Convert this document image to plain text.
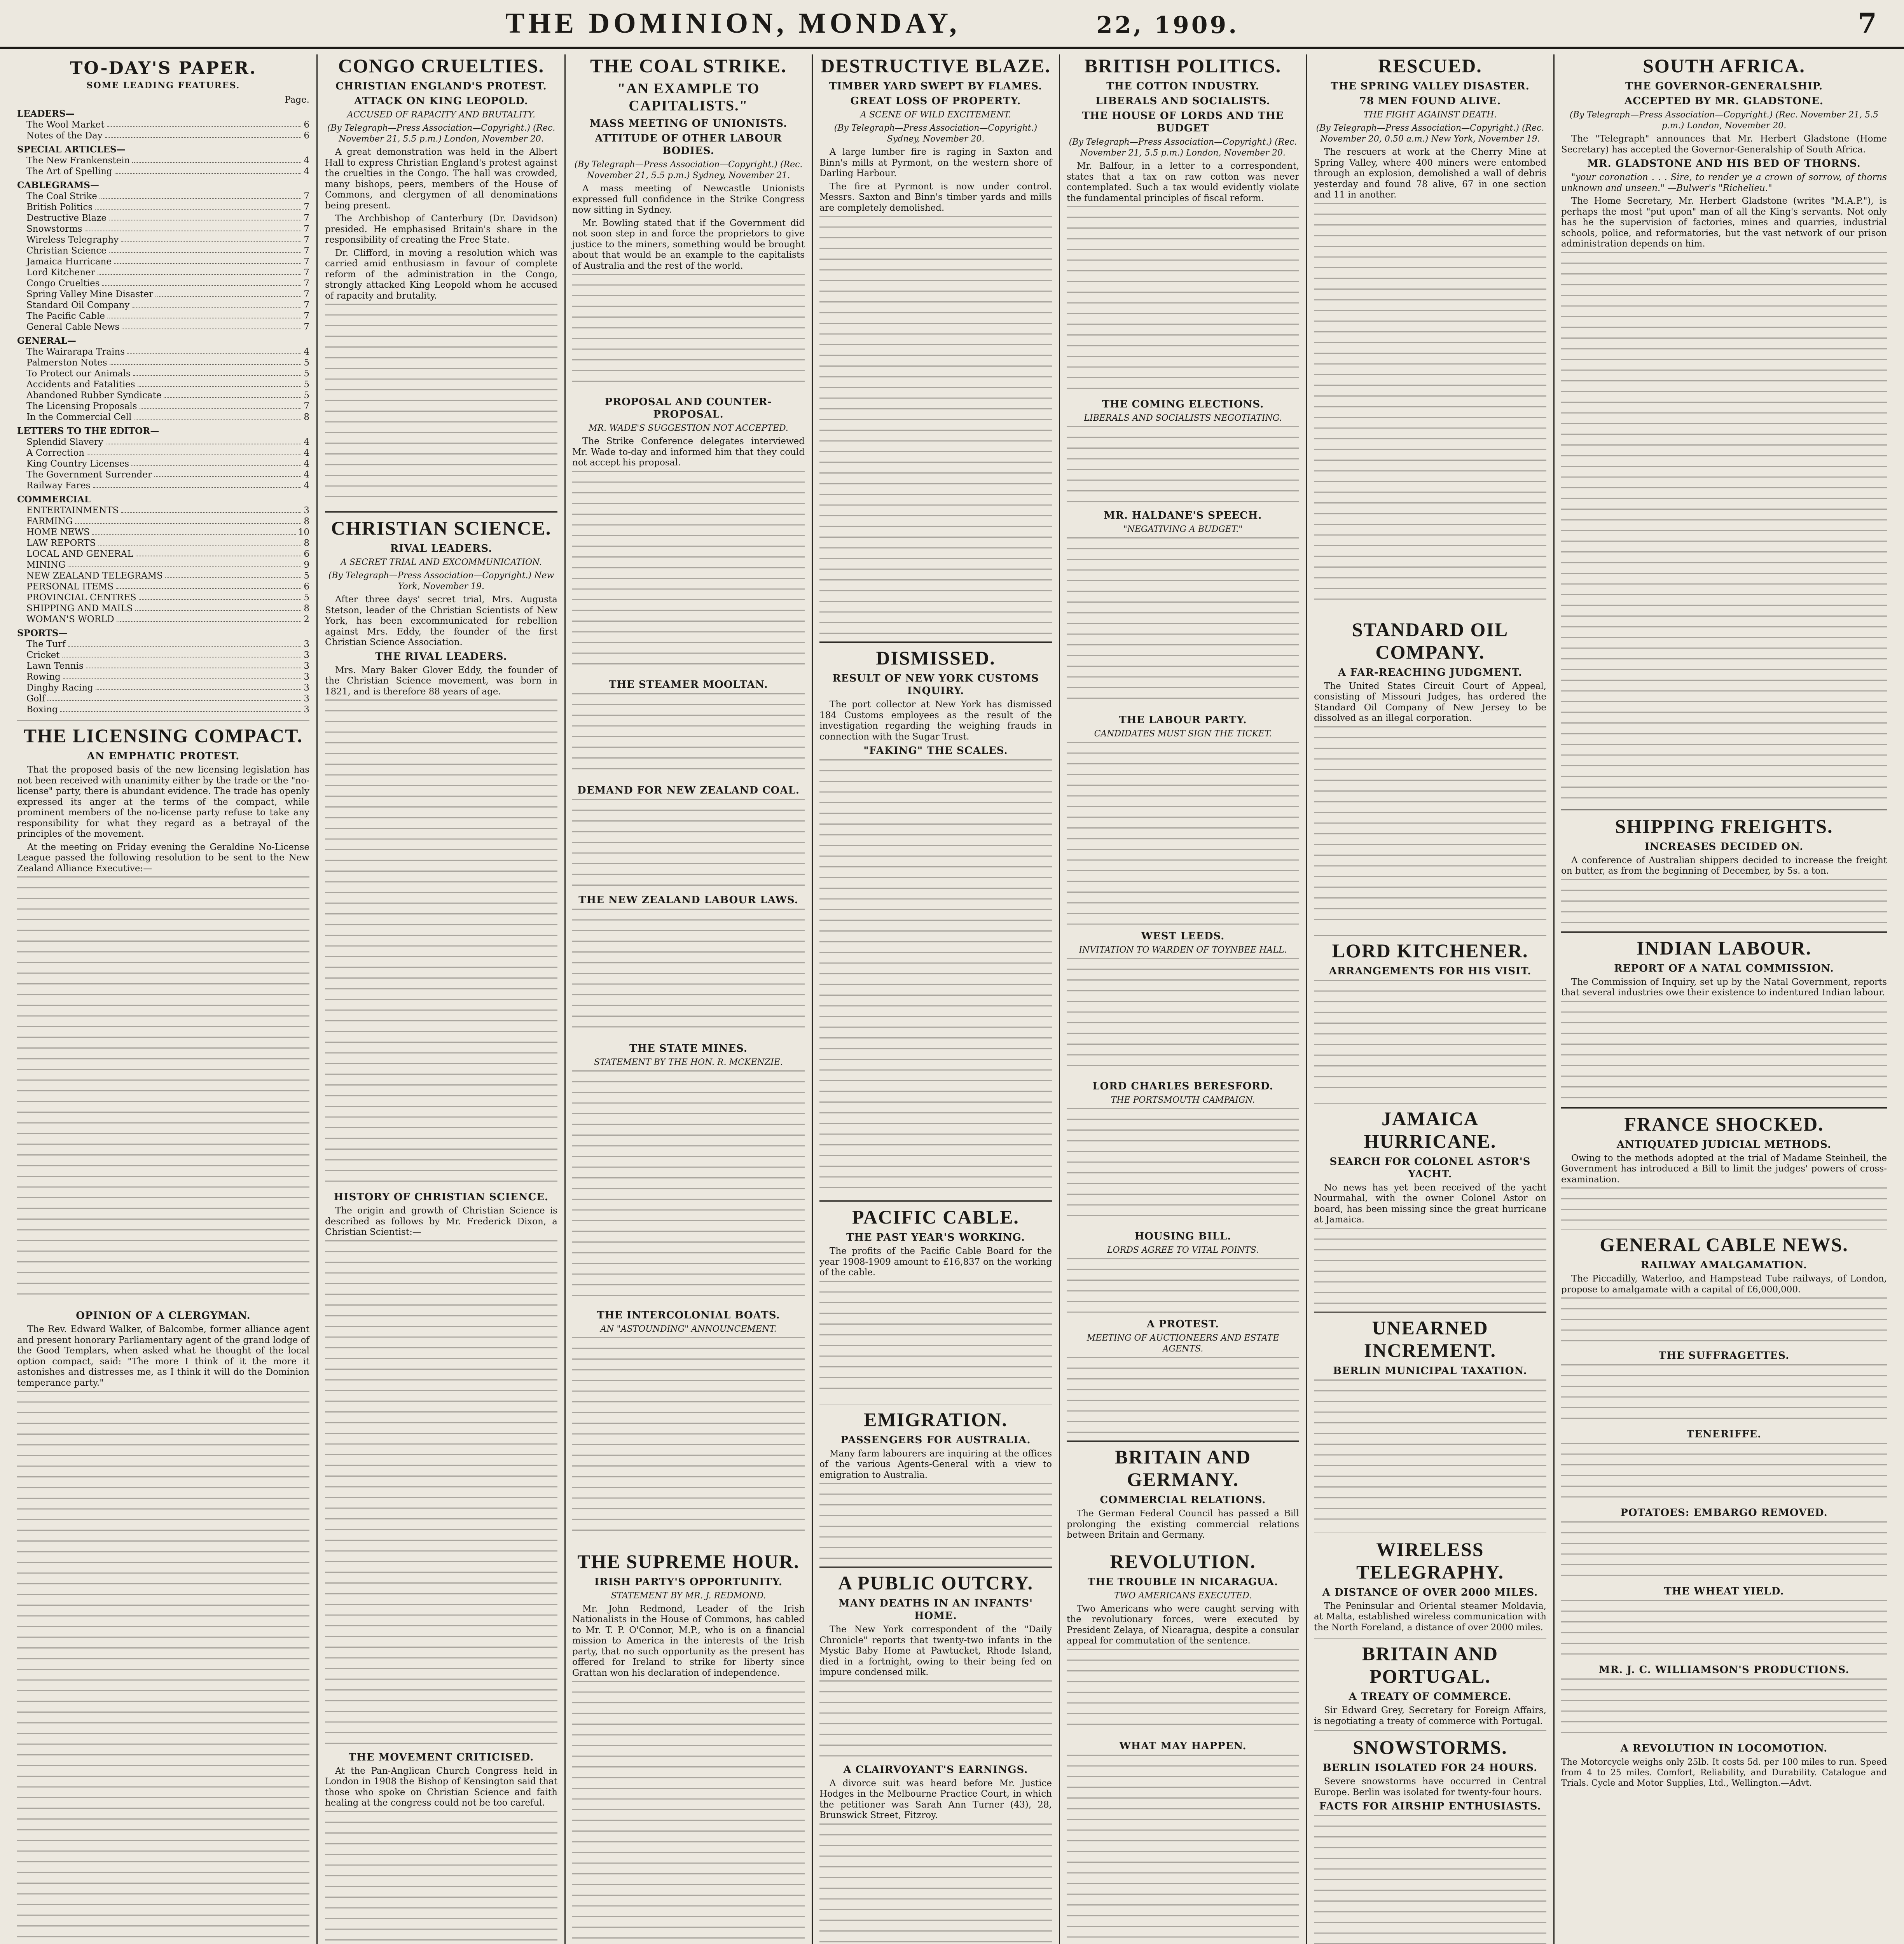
THE DOMINION, MONDAY,	22, 1909.	7
TO-DAY'S PAPER.
SOME LEADING FEATURES.
Page.
LEADERS—
The Wool Market	6
Notes of the Day	6
SPECIAL ARTICLES—
The New Frankenstein	4
The Art of Spelling	4
CABLEGRAMS—
The Coal Strike	7
British Politics	7
Destructive Blaze	7
Snowstorms	7
Wireless Telegraphy	7
Christian Science	7
Jamaica Hurricane	7
Lord Kitchener	7
Congo Cruelties	7
Spring Valley Mine Disaster	7
Standard Oil Company	7
The Pacific Cable	7
General Cable News	7
GENERAL—
The Wairarapa Trains	4
Palmerston Notes	5
To Protect our Animals	5
Accidents and Fatalities	5
Abandoned Rubber Syndicate	5
The Licensing Proposals	7
In the Commercial Cell	8
LETTERS TO THE EDITOR—
Splendid Slavery	4
A Correction	4
King Country Licenses	4
The Government Surrender	4
Railway Fares	4
COMMERCIAL
ENTERTAINMENTS	3
FARMING	8
HOME NEWS	10
LAW REPORTS	8
LOCAL AND GENERAL	6
MINING	9
NEW ZEALAND TELEGRAMS	5
PERSONAL ITEMS	6
PROVINCIAL CENTRES	5
SHIPPING AND MAILS	8
WOMAN'S WORLD	2
SPORTS—
The Turf	3
Cricket	3
Lawn Tennis	3
Rowing	3
Dinghy Racing	3
Golf	3
Boxing	3
THE LICENSING COMPACT.
AN EMPHATIC PROTEST.

That the proposed basis of the new licensing legislation has not been received with unanimity either by the trade or the "no-license" party, there is abundant evidence. The trade has openly expressed its anger at the terms of the compact, while prominent members of the no-license party refuse to take any responsibility for what they regard as a betrayal of the principles of the movement.

At the meeting on Friday evening the Geraldine No-License League passed the following resolution to be sent to the New Zealand Alliance Executive:—

OPINION OF A CLERGYMAN.

The Rev. Edward Walker, of Balcombe, former alliance agent and present honorary Parliamentary agent of the grand lodge of the Good Templars, when asked what he thought of the local option compact, said: "The more I think of it the more it astonishes and distresses me, as I think it will do the Dominion temperance party."

CONGO CRUELTIES.
CHRISTIAN ENGLAND'S PROTEST.
ATTACK ON KING LEOPOLD.
ACCUSED OF RAPACITY AND BRUTALITY.
(By Telegraph—Press Association—Copyright.) (Rec. November 21, 5.5 p.m.) London, November 20.

A great demonstration was held in the Albert Hall to express Christian England's protest against the cruelties in the Congo. The hall was crowded, many bishops, peers, members of the House of Commons, and clergymen of all denominations being present.

The Archbishop of Canterbury (Dr. Davidson) presided. He emphasised Britain's share in the responsibility of creating the Free State.

Dr. Clifford, in moving a resolution which was carried amid enthusiasm in favour of complete reform of the administration in the Congo, strongly attacked King Leopold whom he accused of rapacity and brutality.

CHRISTIAN SCIENCE.
RIVAL LEADERS.
A SECRET TRIAL AND EXCOMMUNICATION.
(By Telegraph—Press Association—Copyright.) New York, November 19.

After three days' secret trial, Mrs. Augusta Stetson, leader of the Christian Scientists of New York, has been excommunicated for rebellion against Mrs. Eddy, the founder of the first Christian Science Association.

THE RIVAL LEADERS.

Mrs. Mary Baker Glover Eddy, the founder of the Christian Science movement, was born in 1821, and is therefore 88 years of age.

HISTORY OF CHRISTIAN SCIENCE.

The origin and growth of Christian Science is described as follows by Mr. Frederick Dixon, a Christian Scientist:—

THE MOVEMENT CRITICISED.

At the Pan-Anglican Church Congress held in London in 1908 the Bishop of Kensington said that those who spoke on Christian Science and faith healing at the congress could not be too careful.

THE COAL STRIKE.
"AN EXAMPLE TO CAPITALISTS."
MASS MEETING OF UNIONISTS.
ATTITUDE OF OTHER LABOUR BODIES.
(By Telegraph—Press Association—Copyright.) (Rec. November 21, 5.5 p.m.) Sydney, November 21.

A mass meeting of Newcastle Unionists expressed full confidence in the Strike Congress now sitting in Sydney.

Mr. Bowling stated that if the Government did not soon step in and force the proprietors to give justice to the miners, something would be brought about that would be an example to the capitalists of Australia and the rest of the world.

PROPOSAL AND COUNTER-PROPOSAL.
MR. WADE'S SUGGESTION NOT ACCEPTED.

The Strike Conference delegates interviewed Mr. Wade to-day and informed him that they could not accept his proposal.

THE STEAMER MOOLTAN.
DEMAND FOR NEW ZEALAND COAL.
THE NEW ZEALAND LABOUR LAWS.
THE STATE MINES.
STATEMENT BY THE HON. R. MCKENZIE.
THE INTERCOLONIAL BOATS.
AN "ASTOUNDING" ANNOUNCEMENT.
THE SUPREME HOUR.
IRISH PARTY'S OPPORTUNITY.
STATEMENT BY MR. J. REDMOND.

Mr. John Redmond, Leader of the Irish Nationalists in the House of Commons, has cabled to Mr. T. P. O'Connor, M.P., who is on a financial mission to America in the interests of the Irish party, that no such opportunity as the present has offered for Ireland to strike for liberty since Grattan won his declaration of independence.

DESTRUCTIVE BLAZE.
TIMBER YARD SWEPT BY FLAMES.
GREAT LOSS OF PROPERTY.
A SCENE OF WILD EXCITEMENT.
(By Telegraph—Press Association—Copyright.) Sydney, November 20.

A large lumber fire is raging in Saxton and Binn's mills at Pyrmont, on the western shore of Darling Harbour.

The fire at Pyrmont is now under control. Messrs. Saxton and Binn's timber yards and mills are completely demolished.

DISMISSED.
RESULT OF NEW YORK CUSTOMS INQUIRY.

The port collector at New York has dismissed 184 Customs employees as the result of the investigation regarding the weighing frauds in connection with the Sugar Trust.

"FAKING" THE SCALES.
PACIFIC CABLE.
THE PAST YEAR'S WORKING.

The profits of the Pacific Cable Board for the year 1908-1909 amount to £16,837 on the working of the cable.

EMIGRATION.
PASSENGERS FOR AUSTRALIA.

Many farm labourers are inquiring at the offices of the various Agents-General with a view to emigration to Australia.

A PUBLIC OUTCRY.
MANY DEATHS IN AN INFANTS' HOME.

The New York correspondent of the "Daily Chronicle" reports that twenty-two infants in the Mystic Baby Home at Pawtucket, Rhode Island, died in a fortnight, owing to their being fed on impure condensed milk.

A CLAIRVOYANT'S EARNINGS.

A divorce suit was heard before Mr. Justice Hodges in the Melbourne Practice Court, in which the petitioner was Sarah Ann Turner (43), 28, Brunswick Street, Fitzroy.

BRITISH POLITICS.
THE COTTON INDUSTRY.
LIBERALS AND SOCIALISTS.
THE HOUSE OF LORDS AND THE BUDGET
(By Telegraph—Press Association—Copyright.) (Rec. November 21, 5.5 p.m.) London, November 20.

Mr. Balfour, in a letter to a correspondent, states that a tax on raw cotton was never contemplated. Such a tax would evidently violate the fundamental principles of fiscal reform.

THE COMING ELECTIONS.
LIBERALS AND SOCIALISTS NEGOTIATING.
MR. HALDANE'S SPEECH.
"NEGATIVING A BUDGET."
THE LABOUR PARTY.
CANDIDATES MUST SIGN THE TICKET.
WEST LEEDS.
INVITATION TO WARDEN OF TOYNBEE HALL.
LORD CHARLES BERESFORD.
THE PORTSMOUTH CAMPAIGN.
HOUSING BILL.
LORDS AGREE TO VITAL POINTS.
A PROTEST.
MEETING OF AUCTIONEERS AND ESTATE AGENTS.
BRITAIN AND GERMANY.
COMMERCIAL RELATIONS.

The German Federal Council has passed a Bill prolonging the existing commercial relations between Britain and Germany.

REVOLUTION.
THE TROUBLE IN NICARAGUA.
TWO AMERICANS EXECUTED.

Two Americans who were caught serving with the revolutionary forces, were executed by President Zelaya, of Nicaragua, despite a consular appeal for commutation of the sentence.

WHAT MAY HAPPEN.

RESCUED.
THE SPRING VALLEY DISASTER.
78 MEN FOUND ALIVE.
THE FIGHT AGAINST DEATH.
(By Telegraph—Press Association—Copyright.) (Rec. November 20, 0.50 a.m.) New York, November 19.

The rescuers at work at the Cherry Mine at Spring Valley, where 400 miners were entombed through an explosion, demolished a wall of debris yesterday and found 78 alive, 67 in one section and 11 in another.

STANDARD OIL COMPANY.
A FAR-REACHING JUDGMENT.

The United States Circuit Court of Appeal, consisting of Missouri Judges, has ordered the Standard Oil Company of New Jersey to be dissolved as an illegal corporation.

LORD KITCHENER.
ARRANGEMENTS FOR HIS VISIT.
JAMAICA HURRICANE.
SEARCH FOR COLONEL ASTOR'S YACHT.

No news has yet been received of the yacht Nourmahal, with the owner Colonel Astor on board, has been missing since the great hurricane at Jamaica.

UNEARNED INCREMENT.
BERLIN MUNICIPAL TAXATION.
WIRELESS TELEGRAPHY.
A DISTANCE OF OVER 2000 MILES.

The Peninsular and Oriental steamer Moldavia, at Malta, established wireless communication with the North Foreland, a distance of over 2000 miles.

BRITAIN AND PORTUGAL.
A TREATY OF COMMERCE.

Sir Edward Grey, Secretary for Foreign Affairs, is negotiating a treaty of commerce with Portugal.

SNOWSTORMS.
BERLIN ISOLATED FOR 24 HOURS.

Severe snowstorms have occurred in Central Europe. Berlin was isolated for twenty-four hours.

FACTS FOR AIRSHIP ENTHUSIASTS.

SOUTH AFRICA.
THE GOVERNOR-GENERALSHIP.
ACCEPTED BY MR. GLADSTONE.
(By Telegraph—Press Association—Copyright.) (Rec. November 21, 5.5 p.m.) London, November 20.

The "Telegraph" announces that Mr. Herbert Gladstone (Home Secretary) has accepted the Governor-Generalship of South Africa.

MR. GLADSTONE AND HIS BED OF THORNS.

"your coronation . . . Sire, to render ye a crown of sorrow, of thorns unknown and unseen." —Bulwer's "Richelieu."

The Home Secretary, Mr. Herbert Gladstone (writes "M.A.P."), is perhaps the most "put upon" man of all the King's servants. Not only has he the supervision of factories, mines and quarries, industrial schools, police, and reformatories, but the vast network of our prison administration depends on him.

SHIPPING FREIGHTS.
INCREASES DECIDED ON.

A conference of Australian shippers decided to increase the freight on butter, as from the beginning of December, by 5s. a ton.

INDIAN LABOUR.
REPORT OF A NATAL COMMISSION.

The Commission of Inquiry, set up by the Natal Government, reports that several industries owe their existence to indentured Indian labour.

FRANCE SHOCKED.
ANTIQUATED JUDICIAL METHODS.

Owing to the methods adopted at the trial of Madame Steinheil, the Government has introduced a Bill to limit the judges' powers of cross-examination.

GENERAL CABLE NEWS.
RAILWAY AMALGAMATION.

The Piccadilly, Waterloo, and Hampstead Tube railways, of London, propose to amalgamate with a capital of £6,000,000.

THE SUFFRAGETTES.
TENERIFFE.
POTATOES: EMBARGO REMOVED.
THE WHEAT YIELD.
MR. J. C. WILLIAMSON'S PRODUCTIONS.
A REVOLUTION IN LOCOMOTION.

The Motorcycle weighs only 25lb. It costs 5d. per 100 miles to run. Speed from 4 to 25 miles. Comfort, Reliability, and Durability. Catalogue and Trials. Cycle and Motor Supplies, Ltd., Wellington.—Advt.
